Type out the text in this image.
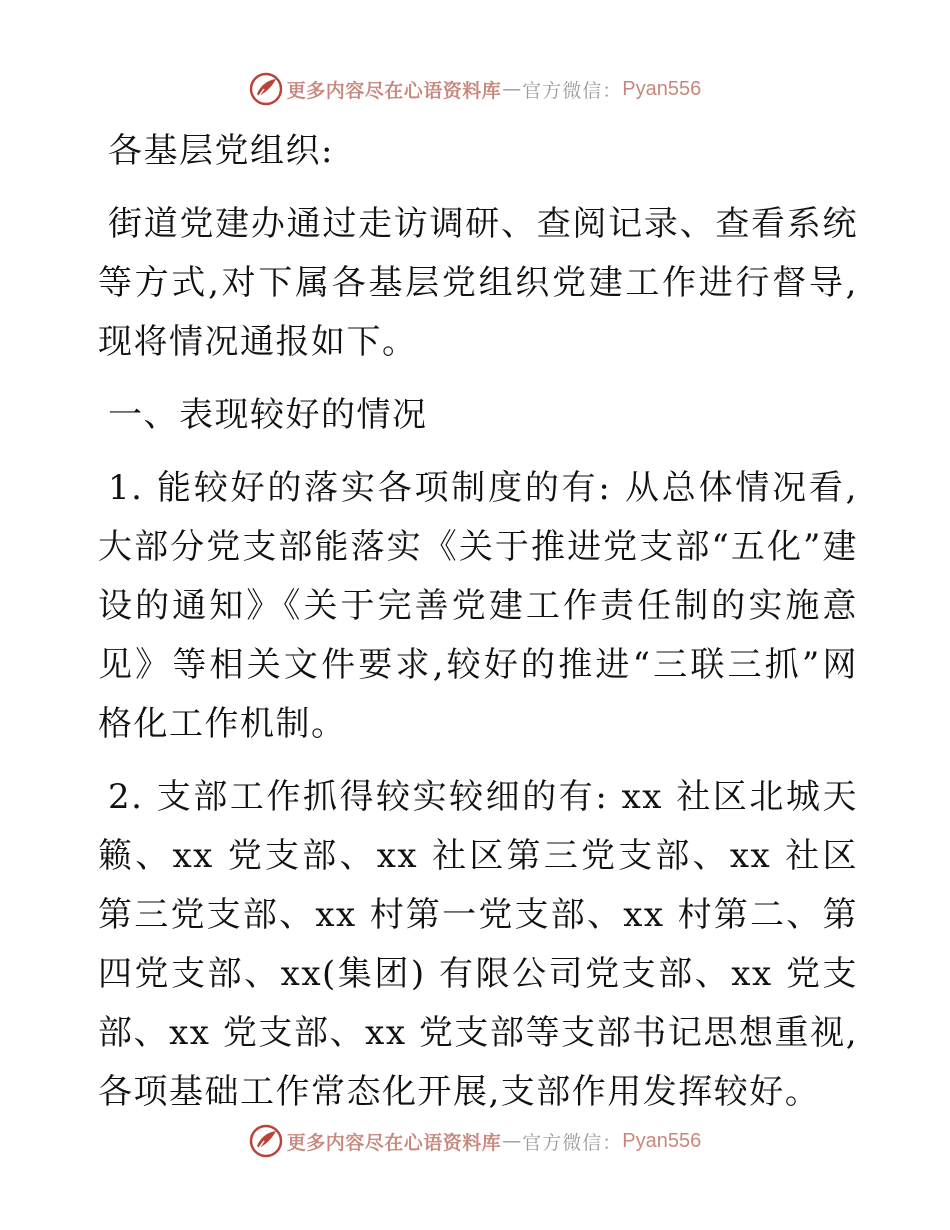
更多内容尽在心语资料库 — 官方微信： Pyan556

各基层党组织:

街道党建办通过走访调研、查阅记录、查看系统等方式,对下属各基层党组织党建工作进行督导,现将情况通报如下。

一、表现较好的情况

1. 能较好的落实各项制度的有: 从总体情况看, 大部分党支部能落实《关于推进党支部“五化”建设的通知》《关于完善党建工作责任制的实施意见》等相关文件要求,较好的推进“三联三抓”网格化工作机制。

2. 支部工作抓得较实较细的有: xx 社区北城天籁、xx 党支部、xx 社区第三党支部、xx 社区第三党支部、xx 村第一党支部、xx 村第二、第四党支部、xx(集团) 有限公司党支部、xx 党支部、xx 党支部、xx 党支部等支部书记思想重视,各项基础工作常态化开展,支部作用发挥较好。

更多内容尽在心语资料库 — 官方微信： Pyan556
